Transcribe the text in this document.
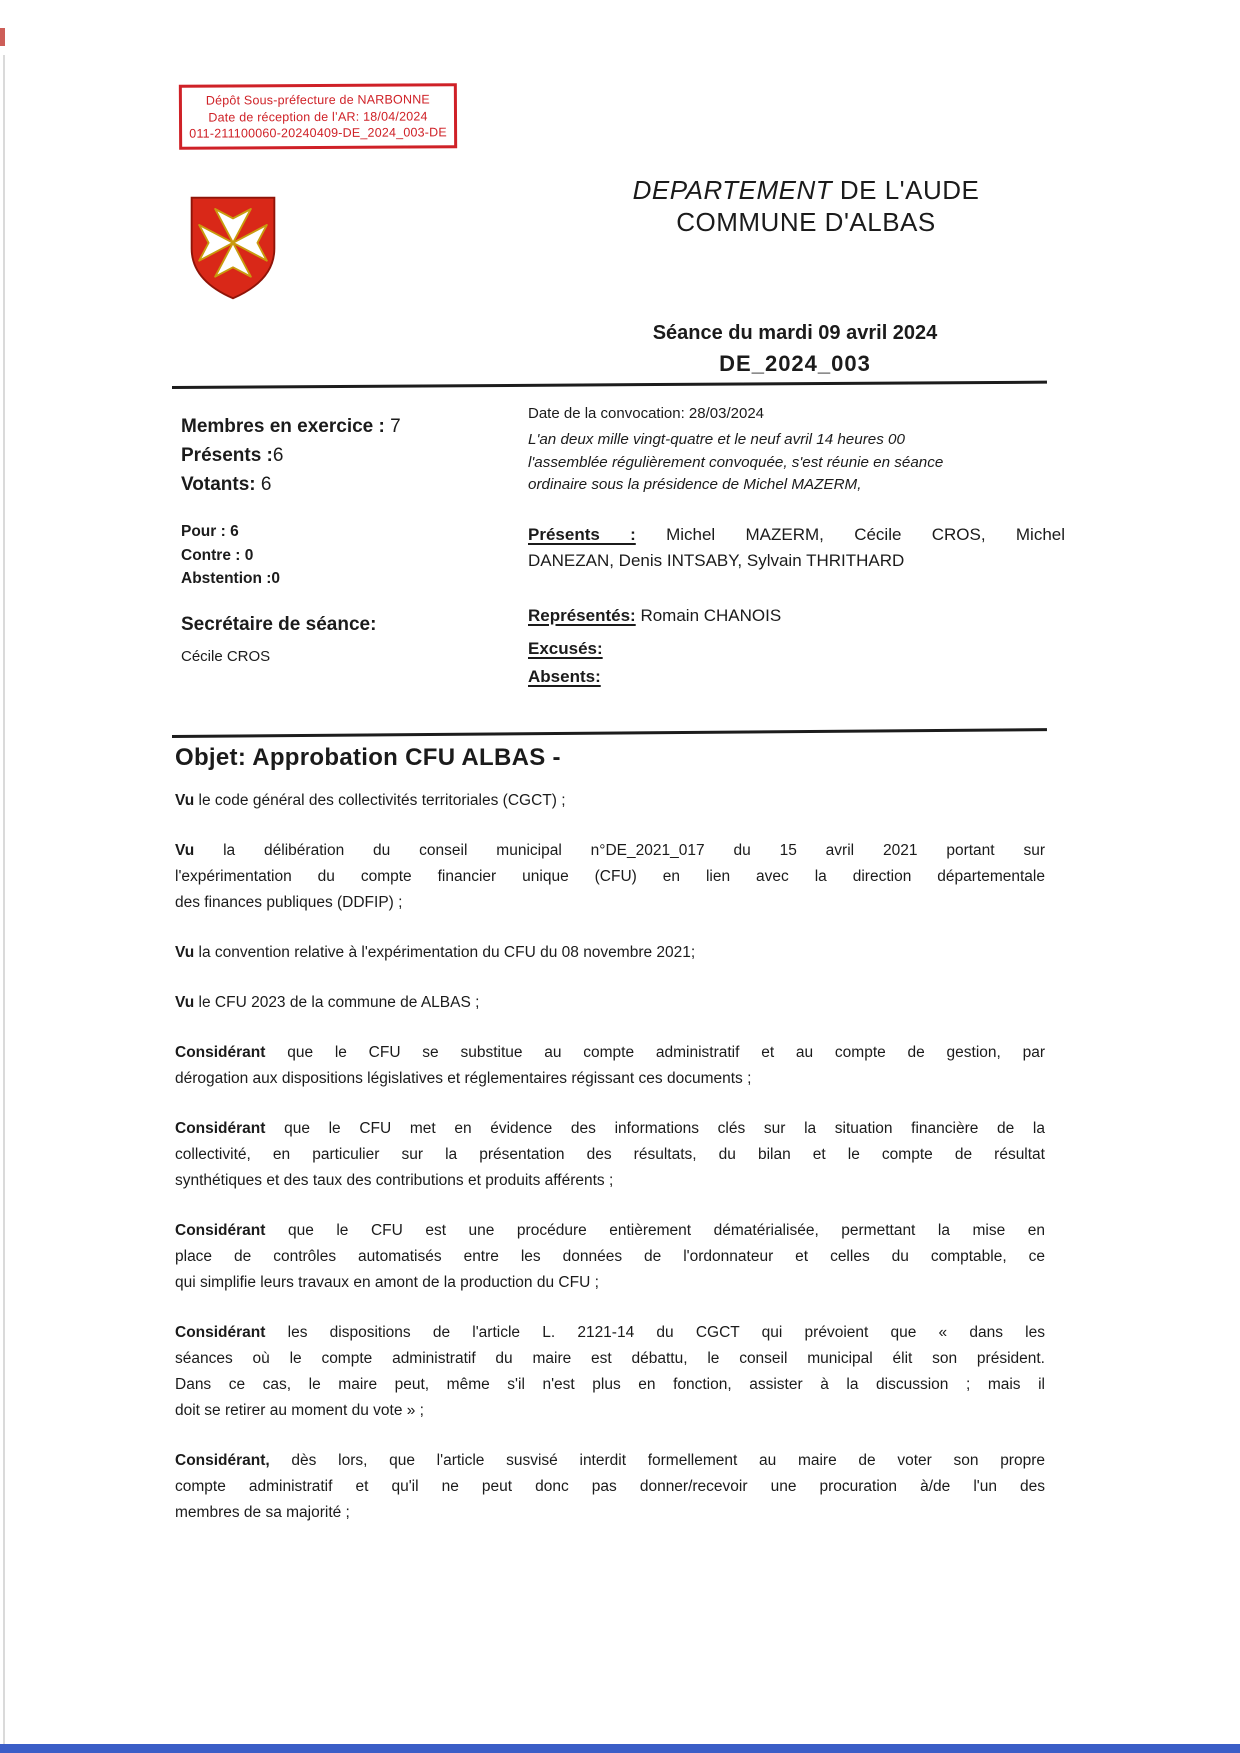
Dépôt Sous-préfecture de NARBONNE
Date de réception de l’AR: 18/04/2024
011-211100060-20240409-DE_2024_003-DE
DEPARTEMENT DE L'AUDE
COMMUNE D'ALBAS
Séance du mardi 09 avril 2024
DE_2024_003
Membres en exercice : 7
Présents :6
Votants: 6
Pour : 6
Contre : 0
Abstention :0
Secrétaire de séance:
Cécile CROS
Date de la convocation: 28/03/2024
L'an deux mille vingt-quatre et le neuf avril 14 heures 00
l'assemblée régulièrement convoquée, s'est réunie en séance
ordinaire sous la présidence de Michel MAZERM,
Présents : Michel MAZERM, Cécile CROS, Michel
DANEZAN, Denis INTSABY, Sylvain THRITHARD
Représentés: Romain CHANOIS
Excusés:
Absents:
Objet: Approbation CFU ALBAS -
Vu le code général des collectivités territoriales (CGCT) ;
Vu la délibération du conseil municipal n°DE_2021_017 du 15 avril 2021 portant sur
l'expérimentation du compte financier unique (CFU) en lien avec la direction départementale
des finances publiques (DDFIP) ;
Vu la convention relative à l'expérimentation du CFU du 08 novembre 2021;
Vu le CFU 2023 de la commune de ALBAS ;
Considérant que le CFU se substitue au compte administratif et au compte de gestion, par
dérogation aux dispositions législatives et réglementaires régissant ces documents ;
Considérant que le CFU met en évidence des informations clés sur la situation financière de la
collectivité, en particulier sur la présentation des résultats, du bilan et le compte de résultat
synthétiques et des taux des contributions et produits afférents ;
Considérant que le CFU est une procédure entièrement dématérialisée, permettant la mise en
place de contrôles automatisés entre les données de l'ordonnateur et celles du comptable, ce
qui simplifie leurs travaux en amont de la production du CFU ;
Considérant les dispositions de l'article L. 2121-14 du CGCT qui prévoient que « dans les
séances où le compte administratif du maire est débattu, le conseil municipal élit son président.
Dans ce cas, le maire peut, même s'il n'est plus en fonction, assister à la discussion ; mais il
doit se retirer au moment du vote » ;
Considérant, dès lors, que l'article susvisé interdit formellement au maire de voter son propre
compte administratif et qu'il ne peut donc pas donner/recevoir une procuration à/de l'un des
membres de sa majorité ;
